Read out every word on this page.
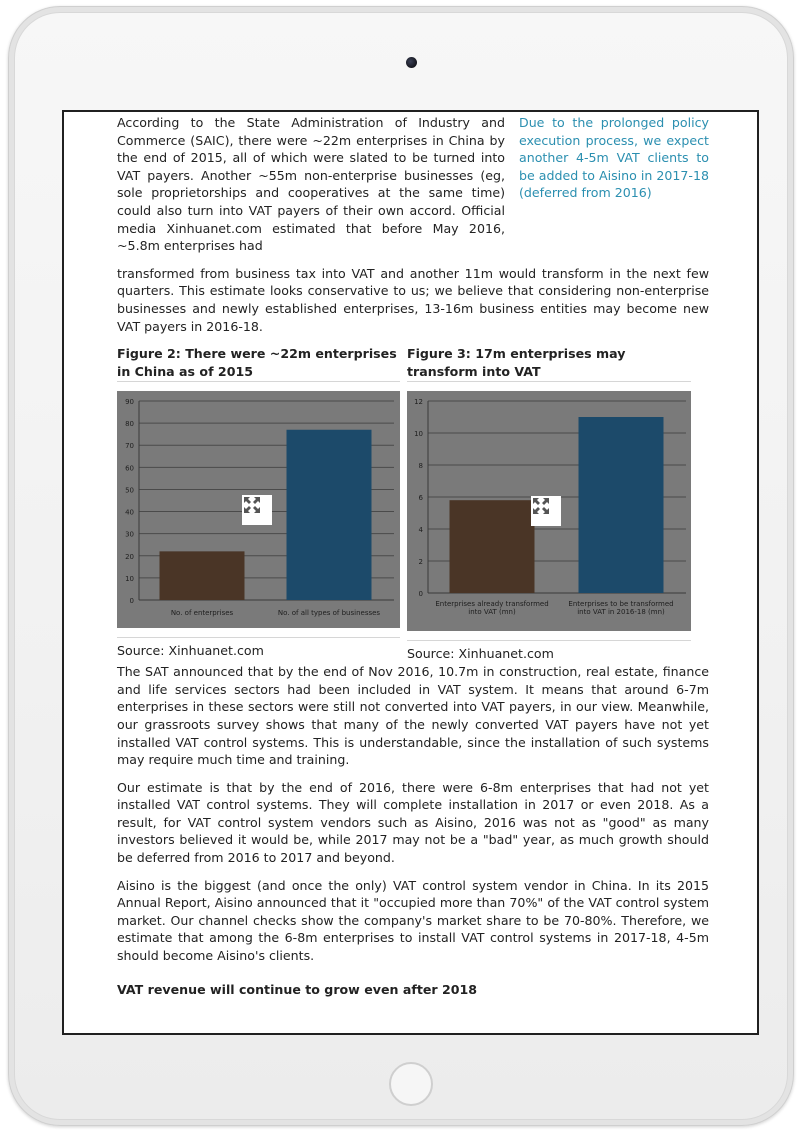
According to the State Administration of Industry and Commerce (SAIC), there were ~22m enterprises in China by the end of 2015, all of which were slated to be turned into VAT payers. Another ~55m non-enterprise businesses (eg, sole proprietorships and cooperatives at the same time) could also turn into VAT payers of their own accord. Official media Xinhuanet.com estimated that before May 2016, ~5.8m enterprises had

Due to the prolonged policy execution process, we expect another 4-5m VAT clients to be added to Aisino in 2017-18 (deferred from 2016)

transformed from business tax into VAT and another 11m would transform in the next few quarters. This estimate looks conservative to us; we believe that considering non-enterprise businesses and newly established enterprises, 13-16m business entities may become new VAT payers in 2016-18.

Figure 2: There were ~22m enterprises in China as of 2015
0
10
20
30
40
50
60
70
80
90
No. of enterprises	No. of all types of businesses
Source: Xinhuanet.com
Figure 3: 17m enterprises may transform into VAT
0
2
4
6
8
10
12
Enterprises already transformed into VAT (mn)
Enterprises to be transformed into VAT in 2016-18 (mn)
Source: Xinhuanet.com

The SAT announced that by the end of Nov 2016, 10.7m in construction, real estate, finance and life services sectors had been included in VAT system. It means that around 6-7m enterprises in these sectors were still not converted into VAT payers, in our view. Meanwhile, our grassroots survey shows that many of the newly converted VAT payers have not yet installed VAT control systems. This is understandable, since the installation of such systems may require much time and training.

Our estimate is that by the end of 2016, there were 6-8m enterprises that had not yet installed VAT control systems. They will complete installation in 2017 or even 2018. As a result, for VAT control system vendors such as Aisino, 2016 was not as "good" as many investors believed it would be, while 2017 may not be a "bad" year, as much growth should be deferred from 2016 to 2017 and beyond.

Aisino is the biggest (and once the only) VAT control system vendor in China. In its 2015 Annual Report, Aisino announced that it "occupied more than 70%" of the VAT control system market. Our channel checks show the company's market share to be 70-80%. Therefore, we estimate that among the 6-8m enterprises to install VAT control systems in 2017-18, 4-5m should become Aisino's clients.

VAT revenue will continue to grow even after 2018
